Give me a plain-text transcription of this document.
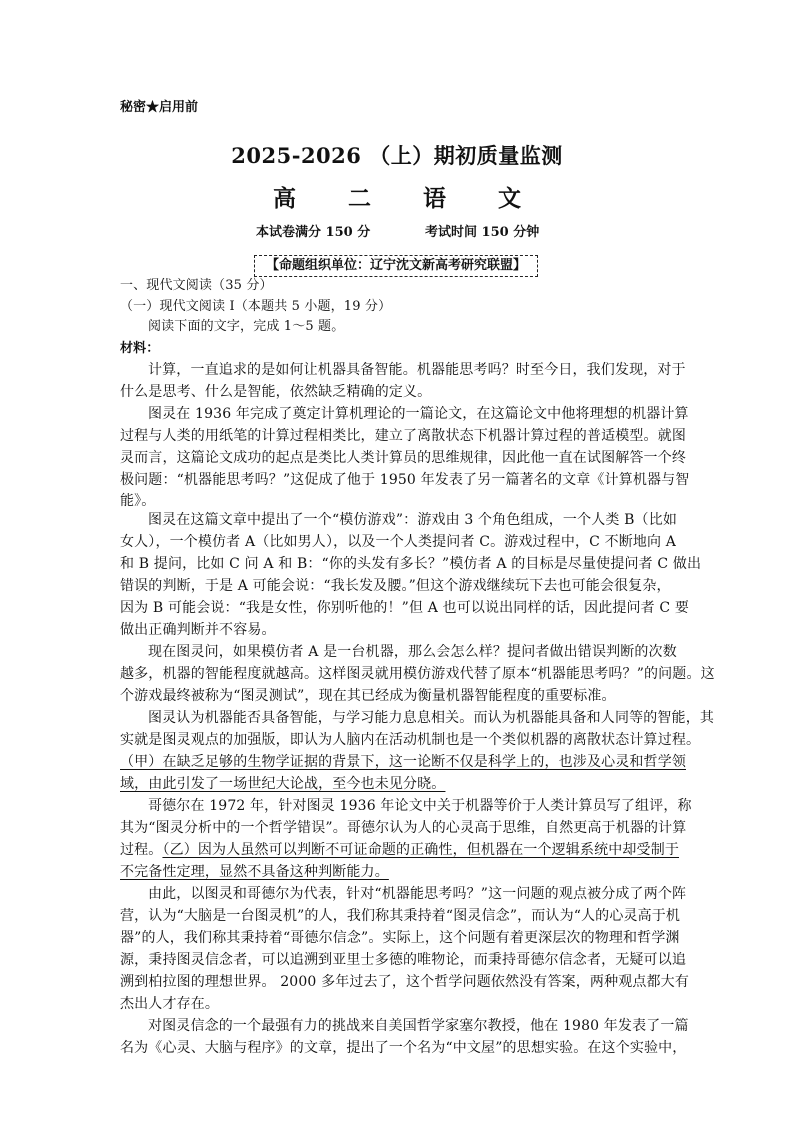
秘密★启用前
2025-2026 （上）期初质量监测
高 二 语 文
本试卷满分 150 分	考试时间 150 分钟
【命题组织单位：辽宁沈文新高考研究联盟】
一、现代文阅读（35 分）
（一）现代文阅读 I（本题共 5 小题，19 分）
阅读下面的文字，完成 1～5 题。
材料：
计算，一直追求的是如何让机器具备智能。机器能思考吗？时至今日，我们发现，对于
什么是思考、什么是智能，依然缺乏精确的定义。
图灵在 1936 年完成了奠定计算机理论的一篇论文，在这篇论文中他将理想的机器计算
过程与人类的用纸笔的计算过程相类比，建立了离散状态下机器计算过程的普适模型。就图
灵而言，这篇论文成功的起点是类比人类计算员的思维规律，因此他一直在试图解答一个终
极问题：“机器能思考吗？”这促成了他于 1950 年发表了另一篇著名的文章《计算机器与智
能》。
图灵在这篇文章中提出了一个“模仿游戏”：游戏由 3 个角色组成，一个人类 B（比如
女人），一个模仿者 A（比如男人），以及一个人类提问者 C。游戏过程中，C 不断地向 A
和 B 提问，比如 C 问 A 和 B：“你的头发有多长？”模仿者 A 的目标是尽量使提问者 C 做出
错误的判断，于是 A 可能会说：“我长发及腰。”但这个游戏继续玩下去也可能会很复杂，
因为 B 可能会说：“我是女性，你别听他的！”但 A 也可以说出同样的话，因此提问者 C 要
做出正确判断并不容易。
现在图灵问，如果模仿者 A 是一台机器，那么会怎么样？提问者做出错误判断的次数
越多，机器的智能程度就越高。这样图灵就用模仿游戏代替了原本“机器能思考吗？”的问题。这
个游戏最终被称为“图灵测试”，现在其已经成为衡量机器智能程度的重要标准。
图灵认为机器能否具备智能，与学习能力息息相关。而认为机器能具备和人同等的智能，其
实就是图灵观点的加强版，即认为人脑内在活动机制也是一个类似机器的离散状态计算过程。
（甲）在缺乏足够的生物学证据的背景下，这一论断不仅是科学上的，也涉及心灵和哲学领
域，由此引发了一场世纪大论战，至今也未见分晓。
哥德尔在 1972 年，针对图灵 1936 年论文中关于机器等价于人类计算员写了组评，称
其为“图灵分析中的一个哲学错误”。哥德尔认为人的心灵高于思维，自然更高于机器的计算
过程。（乙）因为人虽然可以判断不可证命题的正确性，但机器在一个逻辑系统中却受制于
不完备性定理，显然不具备这种判断能力。
由此，以图灵和哥德尔为代表，针对“机器能思考吗？”这一问题的观点被分成了两个阵
营，认为“大脑是一台图灵机”的人，我们称其秉持着“图灵信念”，而认为“人的心灵高于机
器”的人，我们称其秉持着“哥德尔信念”。实际上，这个问题有着更深层次的物理和哲学渊
源，秉持图灵信念者，可以追溯到亚里士多德的唯物论，而秉持哥德尔信念者，无疑可以追
溯到柏拉图的理想世界。 2000 多年过去了，这个哲学问题依然没有答案，两种观点都大有
杰出人才存在。
对图灵信念的一个最强有力的挑战来自美国哲学家塞尔教授，他在 1980 年发表了一篇
名为《心灵、大脑与程序》的文章，提出了一个名为“中文屋”的思想实验。在这个实验中，
